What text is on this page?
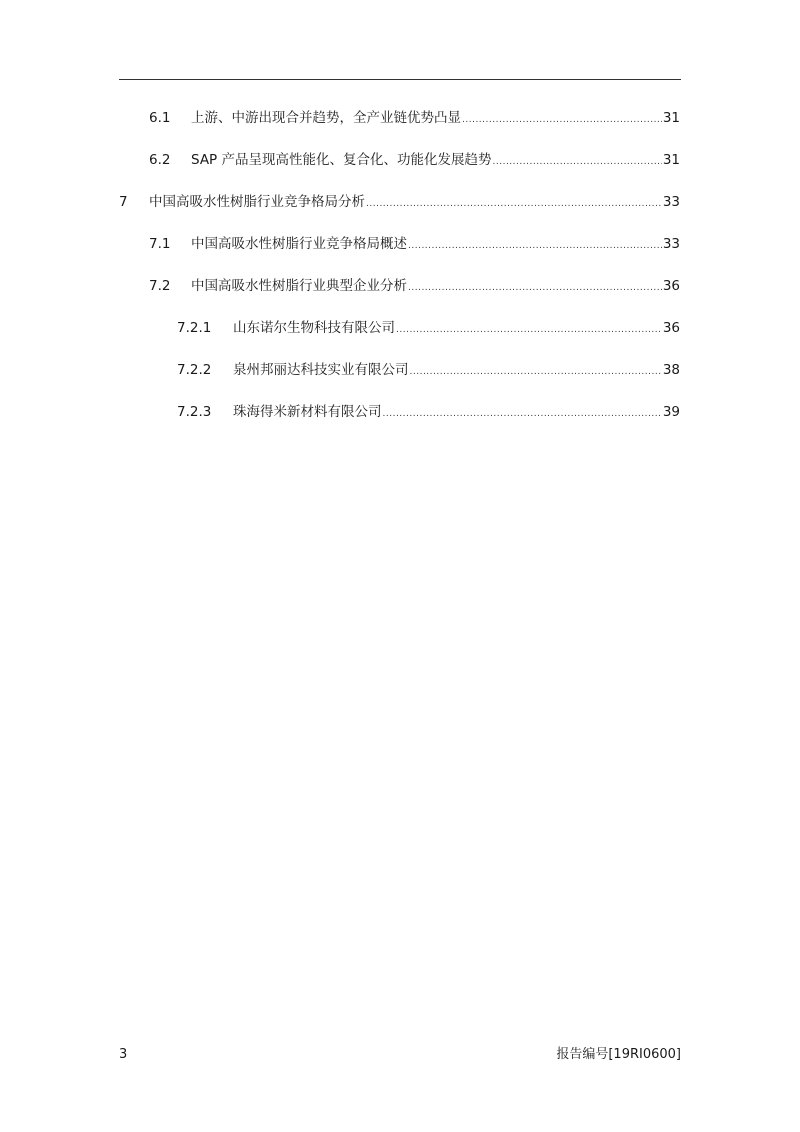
6.1	上游、中游出现合并趋势，全产业链优势凸显 .....	31
6.2	SAP 产品呈现高性能化、复合化、功能化发展趋势 .....	31
7	中国高吸水性树脂行业竞争格局分析 .....	33
7.1	中国高吸水性树脂行业竞争格局概述 .....	33
7.2	中国高吸水性树脂行业典型企业分析 .....	36
7.2.1	山东诺尔生物科技有限公司 .....	36
7.2.2	泉州邦丽达科技实业有限公司 .....	38
7.2.3	珠海得米新材料有限公司 .....	39
3	报告编号[19RI0600]
